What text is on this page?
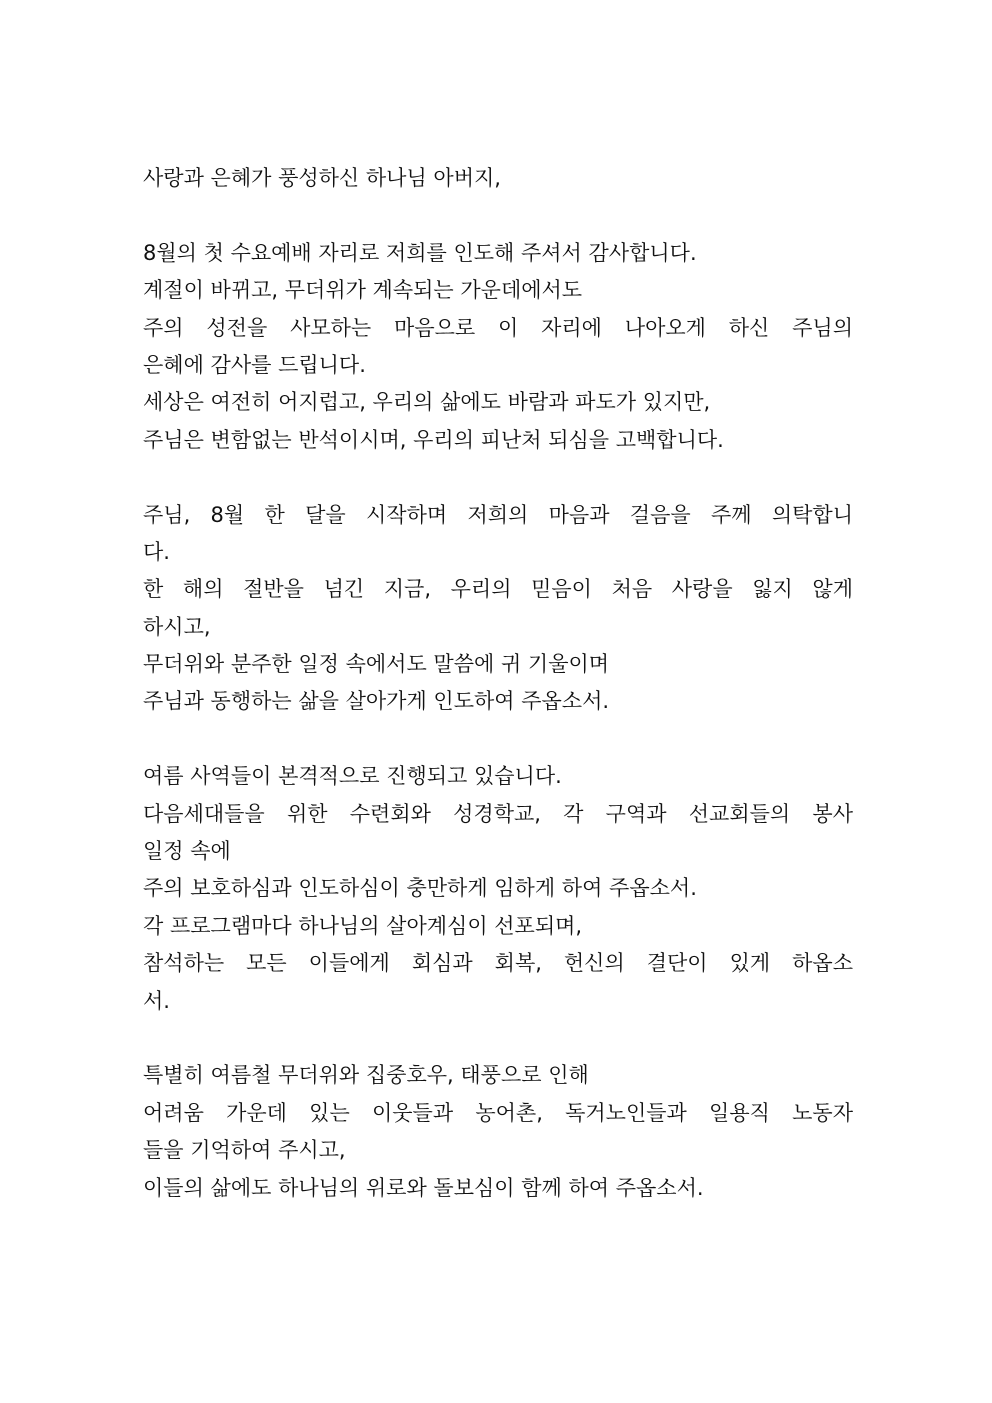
사랑과 은혜가 풍성하신 하나님 아버지,
8월의 첫 수요예배 자리로 저희를 인도해 주셔서 감사합니다.
계절이 바뀌고, 무더위가 계속되는 가운데에서도
주의 성전을 사모하는 마음으로 이 자리에 나아오게 하신 주님의
은혜에 감사를 드립니다.
세상은 여전히 어지럽고, 우리의 삶에도 바람과 파도가 있지만,
주님은 변함없는 반석이시며, 우리의 피난처 되심을 고백합니다.
주님, 8월 한 달을 시작하며 저희의 마음과 걸음을 주께 의탁합니
다.
한 해의 절반을 넘긴 지금, 우리의 믿음이 처음 사랑을 잃지 않게
하시고,
무더위와 분주한 일정 속에서도 말씀에 귀 기울이며
주님과 동행하는 삶을 살아가게 인도하여 주옵소서.
여름 사역들이 본격적으로 진행되고 있습니다.
다음세대들을 위한 수련회와 성경학교, 각 구역과 선교회들의 봉사
일정 속에
주의 보호하심과 인도하심이 충만하게 임하게 하여 주옵소서.
각 프로그램마다 하나님의 살아계심이 선포되며,
참석하는 모든 이들에게 회심과 회복, 헌신의 결단이 있게 하옵소
서.
특별히 여름철 무더위와 집중호우, 태풍으로 인해
어려움 가운데 있는 이웃들과 농어촌, 독거노인들과 일용직 노동자
들을 기억하여 주시고,
이들의 삶에도 하나님의 위로와 돌보심이 함께 하여 주옵소서.
